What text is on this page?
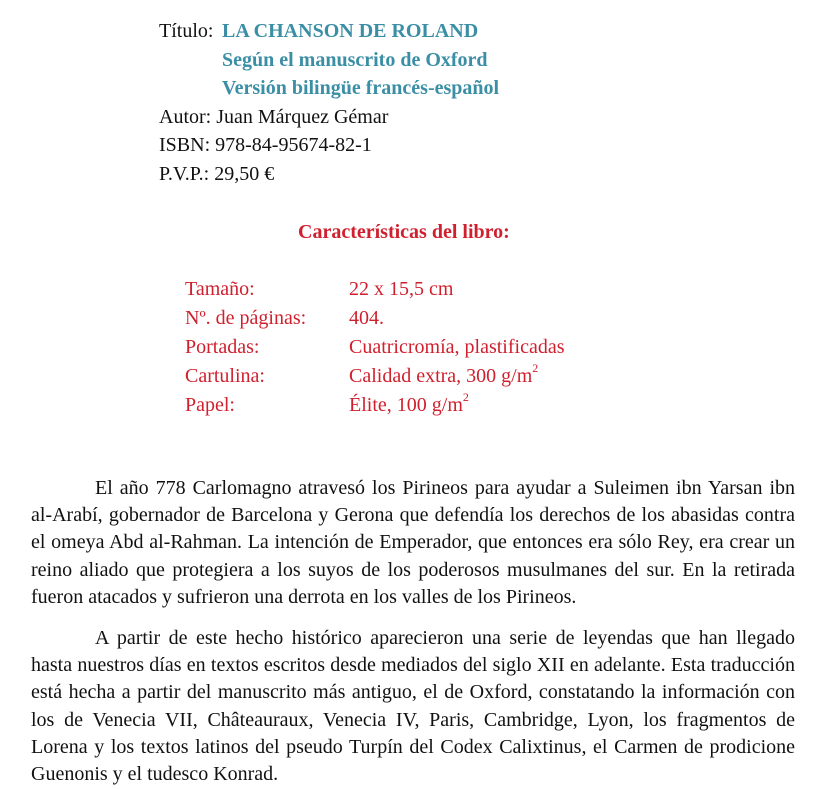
Título: LA CHANSON DE ROLAND
Según el manuscrito de Oxford
Versión bilingüe francés-español
Autor: Juan Márquez Gémar
ISBN: 978-84-95674-82-1
P.V.P.: 29,50 €
Características del libro:
Tamaño:	22 x 15,5 cm
Nº. de páginas: 404.
Portadas:	Cuatricromía, plastificadas
Cartulina:	Calidad extra, 300 $g/m^2$
Papel:	Élite, 100 $g/m^2$

El año 778 Carlomagno atravesó los Pirineos para ayudar a Suleimen ibn Yarsan ibn al-Arabí, gobernador de Barcelona y Gerona que defendía los derechos de los abasidas contra el omeya Abd al-Rahman. La intención de Emperador, que entonces era sólo Rey, era crear un reino aliado que protegiera a los suyos de los poderosos musulmanes del sur. En la retirada fueron atacados y sufrieron una derrota en los valles de los Pirineos.

A partir de este hecho histórico aparecieron una serie de leyendas que han llegado hasta nuestros días en textos escritos desde mediados del siglo XII en adelante. Esta traducción está hecha a partir del manuscrito más antiguo, el de Oxford, constatando la información con los de Venecia VII, Châteauraux, Venecia IV, Paris, Cambridge, Lyon, los fragmentos de Lorena y los textos latinos del pseudo Turpín del Codex Calixtinus, el Carmen de prodicione Guenonis y el tudesco Konrad.
